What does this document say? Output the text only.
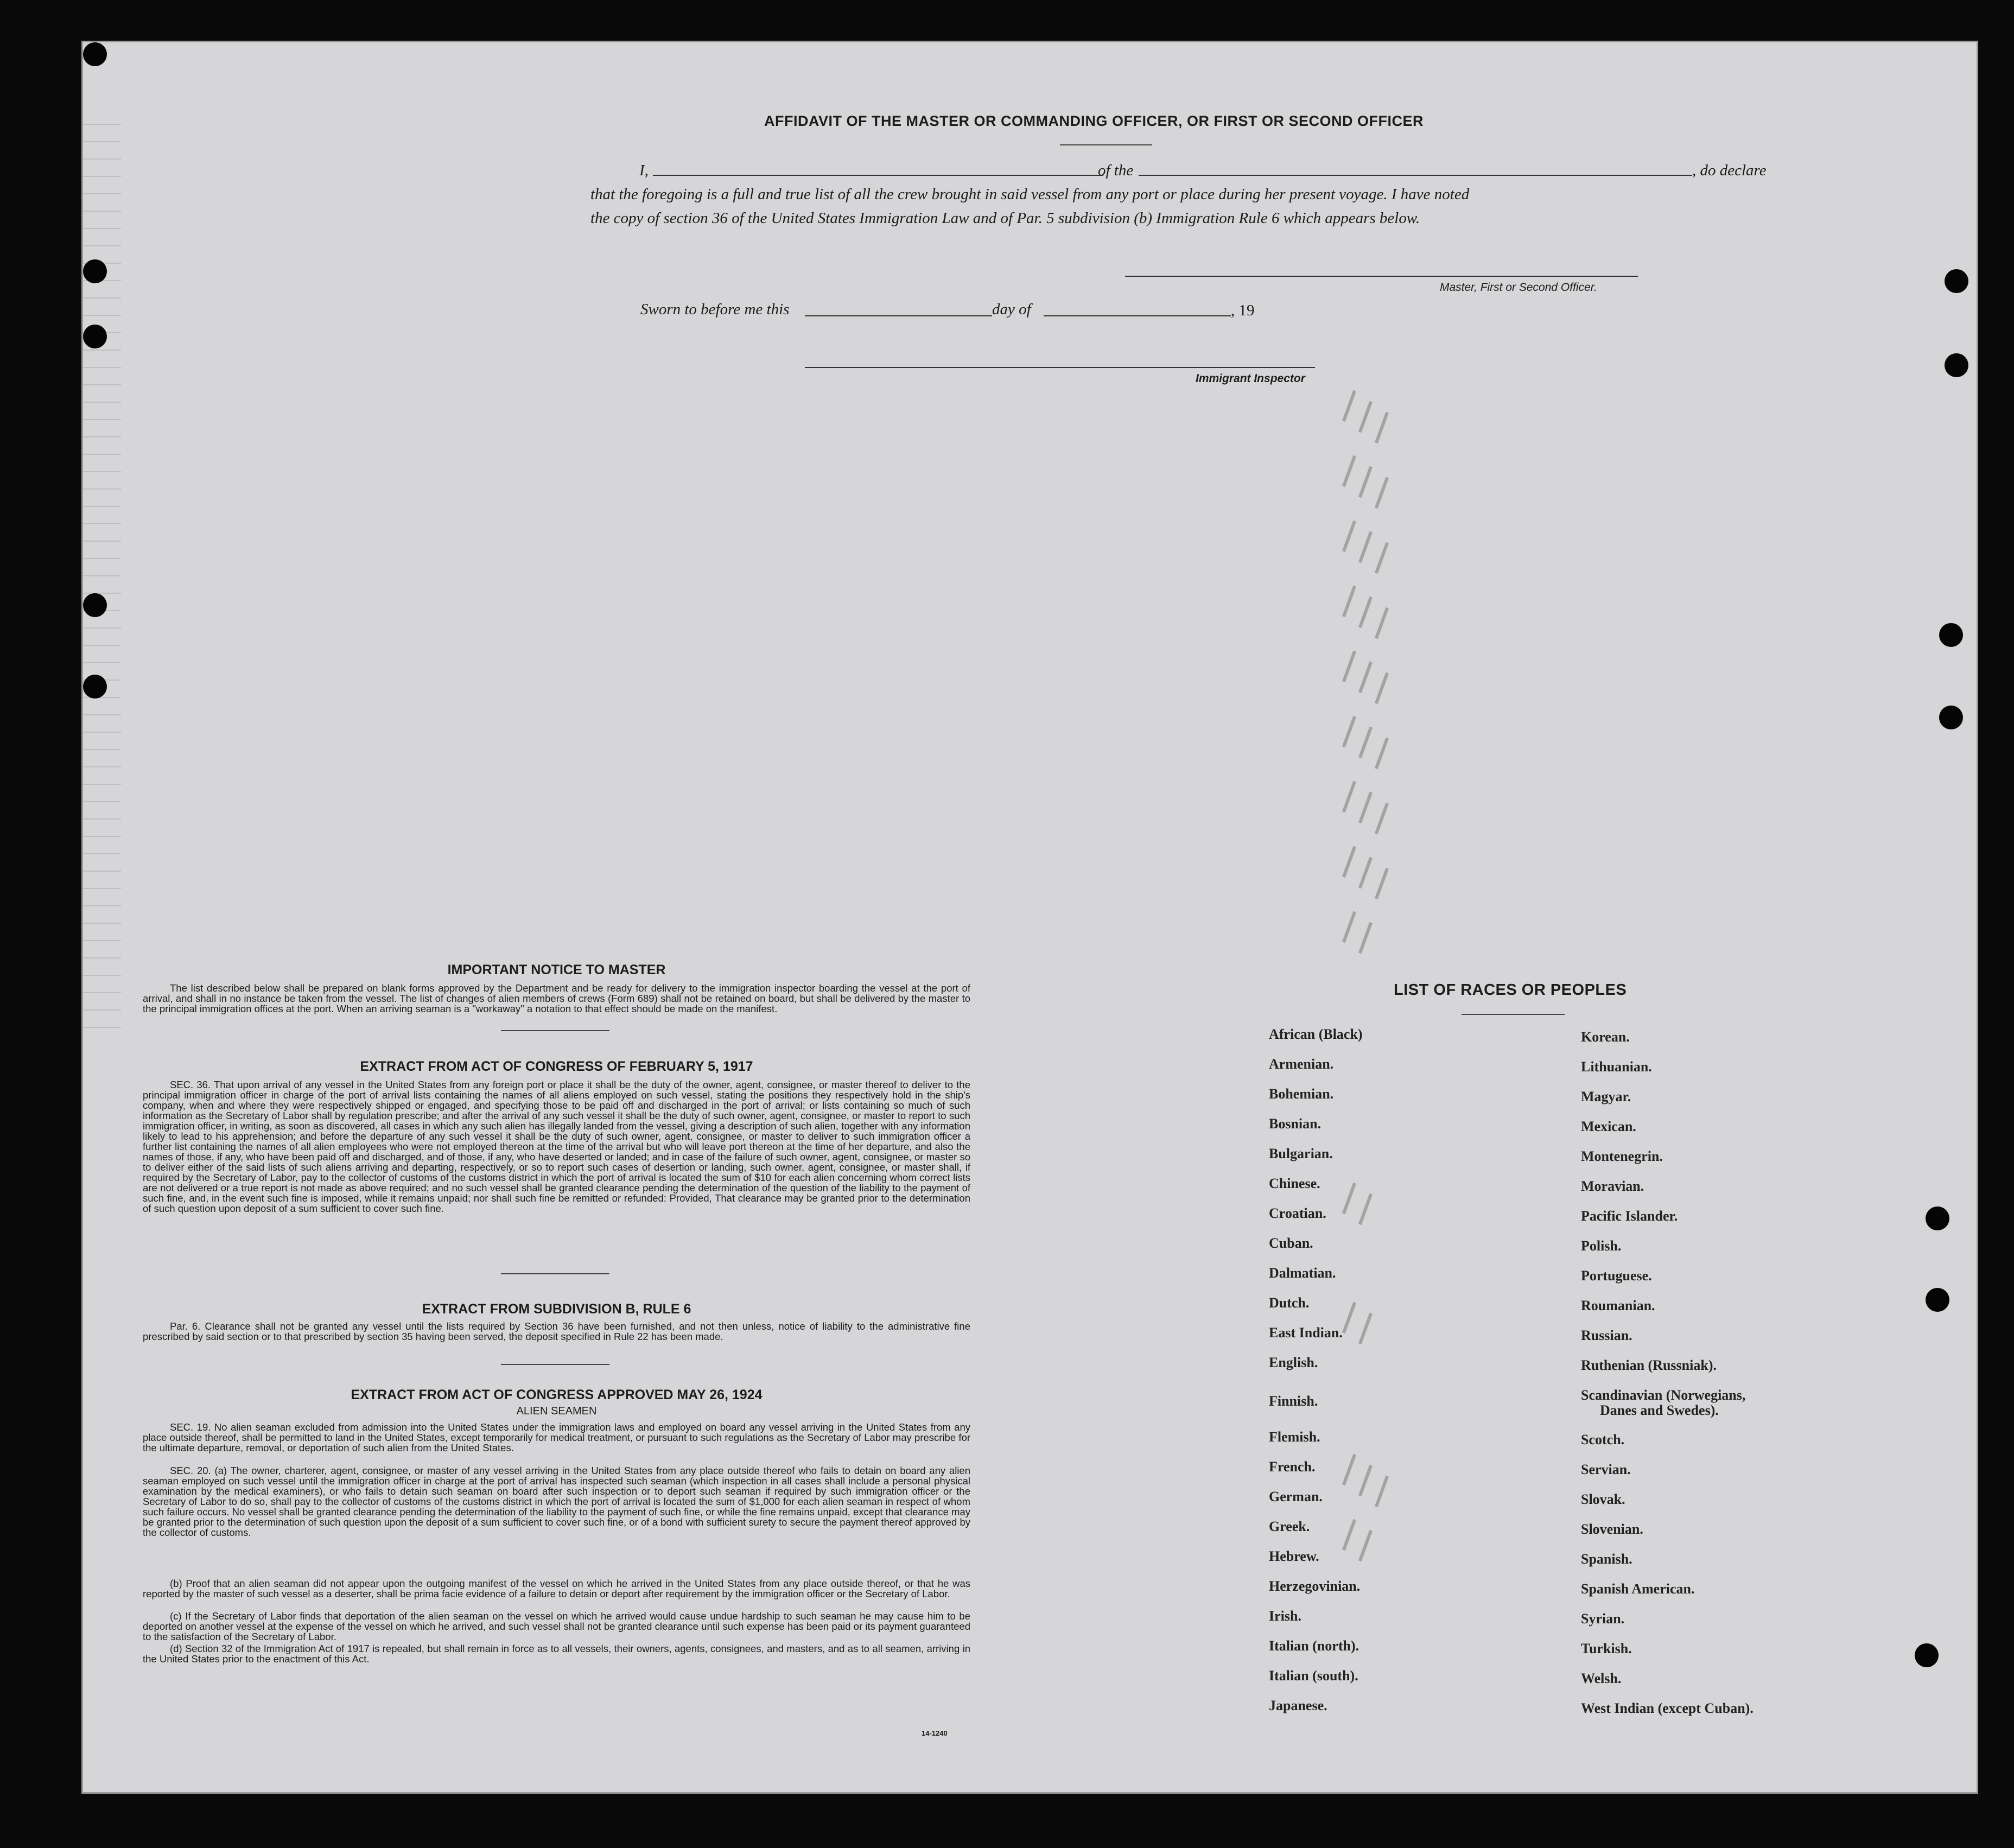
AFFIDAVIT OF THE MASTER OR COMMANDING OFFICER, OR FIRST OR SECOND OFFICER
I,	of the	, do declare
that the foregoing is a full and true list of all the crew brought in said vessel from any port or place during her present voyage. I have noted
the copy of section 36 of the United States Immigration Law and of Par. 5 subdivision (b) Immigration Rule 6 which appears below.
Master, First or Second Officer.
Sworn to before me this	day of	, 19
Immigrant Inspector
IMPORTANT NOTICE TO MASTER
The list described below shall be prepared on blank forms approved by the Department and be ready for delivery to the immigration inspector boarding the vessel at the port of arrival, and shall in no instance be taken from the vessel. The list of changes of alien members of crews (Form 689) shall not be retained on board, but shall be delivered by the master to the principal immigration offices at the port. When an arriving seaman is a "workaway" a notation to that effect should be made on the manifest.
EXTRACT FROM ACT OF CONGRESS OF FEBRUARY 5, 1917
SEC. 36. That upon arrival of any vessel in the United States from any foreign port or place it shall be the duty of the owner, agent, consignee, or master thereof to deliver to the principal immigration officer in charge of the port of arrival lists containing the names of all aliens employed on such vessel, stating the positions they respectively hold in the ship's company, when and where they were respectively shipped or engaged, and specifying those to be paid off and discharged in the port of arrival; or lists containing so much of such information as the Secretary of Labor shall by regulation prescribe; and after the arrival of any such vessel it shall be the duty of such owner, agent, consignee, or master to report to such immigration officer, in writing, as soon as discovered, all cases in which any such alien has illegally landed from the vessel, giving a description of such alien, together with any information likely to lead to his apprehension; and before the departure of any such vessel it shall be the duty of such owner, agent, consignee, or master to deliver to such immigration officer a further list containing the names of all alien employees who were not employed thereon at the time of the arrival but who will leave port thereon at the time of her departure, and also the names of those, if any, who have been paid off and discharged, and of those, if any, who have deserted or landed; and in case of the failure of such owner, agent, consignee, or master so to deliver either of the said lists of such aliens arriving and departing, respectively, or so to report such cases of desertion or landing, such owner, agent, consignee, or master shall, if required by the Secretary of Labor, pay to the collector of customs of the customs district in which the port of arrival is located the sum of $10 for each alien concerning whom correct lists are not delivered or a true report is not made as above required; and no such vessel shall be granted clearance pending the determination of the question of the liability to the payment of such fine, and, in the event such fine is imposed, while it remains unpaid; nor shall such fine be remitted or refunded: Provided, That clearance may be granted prior to the determination of such question upon deposit of a sum sufficient to cover such fine.
EXTRACT FROM SUBDIVISION B, RULE 6
Par. 6. Clearance shall not be granted any vessel until the lists required by Section 36 have been furnished, and not then unless, notice of liability to the administrative fine prescribed by said section or to that prescribed by section 35 having been served, the deposit specified in Rule 22 has been made.
EXTRACT FROM ACT OF CONGRESS APPROVED MAY 26, 1924
ALIEN SEAMEN
SEC. 19. No alien seaman excluded from admission into the United States under the immigration laws and employed on board any vessel arriving in the United States from any place outside thereof, shall be permitted to land in the United States, except temporarily for medical treatment, or pursuant to such regulations as the Secretary of Labor may prescribe for the ultimate departure, removal, or deportation of such alien from the United States.
SEC. 20. (a) The owner, charterer, agent, consignee, or master of any vessel arriving in the United States from any place outside thereof who fails to detain on board any alien seaman employed on such vessel until the immigration officer in charge at the port of arrival has inspected such seaman (which inspection in all cases shall include a personal physical examination by the medical examiners), or who fails to detain such seaman on board after such inspection or to deport such seaman if required by such immigration officer or the Secretary of Labor to do so, shall pay to the collector of customs of the customs district in which the port of arrival is located the sum of $1,000 for each alien seaman in respect of whom such failure occurs. No vessel shall be granted clearance pending the determination of the liability to the payment of such fine, or while the fine remains unpaid, except that clearance may be granted prior to the determination of such question upon the deposit of a sum sufficient to cover such fine, or of a bond with sufficient surety to secure the payment thereof approved by the collector of customs.
(b) Proof that an alien seaman did not appear upon the outgoing manifest of the vessel on which he arrived in the United States from any place outside thereof, or that he was reported by the master of such vessel as a deserter, shall be prima facie evidence of a failure to detain or deport after requirement by the immigration officer or the Secretary of Labor.
(c) If the Secretary of Labor finds that deportation of the alien seaman on the vessel on which he arrived would cause undue hardship to such seaman he may cause him to be deported on another vessel at the expense of the vessel on which he arrived, and such vessel shall not be granted clearance until such expense has been paid or its payment guaranteed to the satisfaction of the Secretary of Labor.
(d) Section 32 of the Immigration Act of 1917 is repealed, but shall remain in force as to all vessels, their owners, agents, consignees, and masters, and as to all seamen, arriving in the United States prior to the enactment of this Act.
14-1240
LIST OF RACES OR PEOPLES
African (Black)
Armenian.
Bohemian.
Bosnian.
Bulgarian.
Chinese.
Croatian.
Cuban.
Dalmatian.
Dutch.
East Indian.
English.
Finnish.
Flemish.
French.
German.
Greek.
Hebrew.
Herzegovinian.
Irish.
Italian (north).
Italian (south).
Japanese.
Korean.
Lithuanian.
Magyar.
Mexican.
Montenegrin.
Moravian.
Pacific Islander.
Polish.
Portuguese.
Roumanian.
Russian.
Ruthenian (Russniak).
Scandinavian (Norwegians,
Danes and Swedes).
Scotch.
Servian.
Slovak.
Slovenian.
Spanish.
Spanish American.
Syrian.
Turkish.
Welsh.
West Indian (except Cuban).
